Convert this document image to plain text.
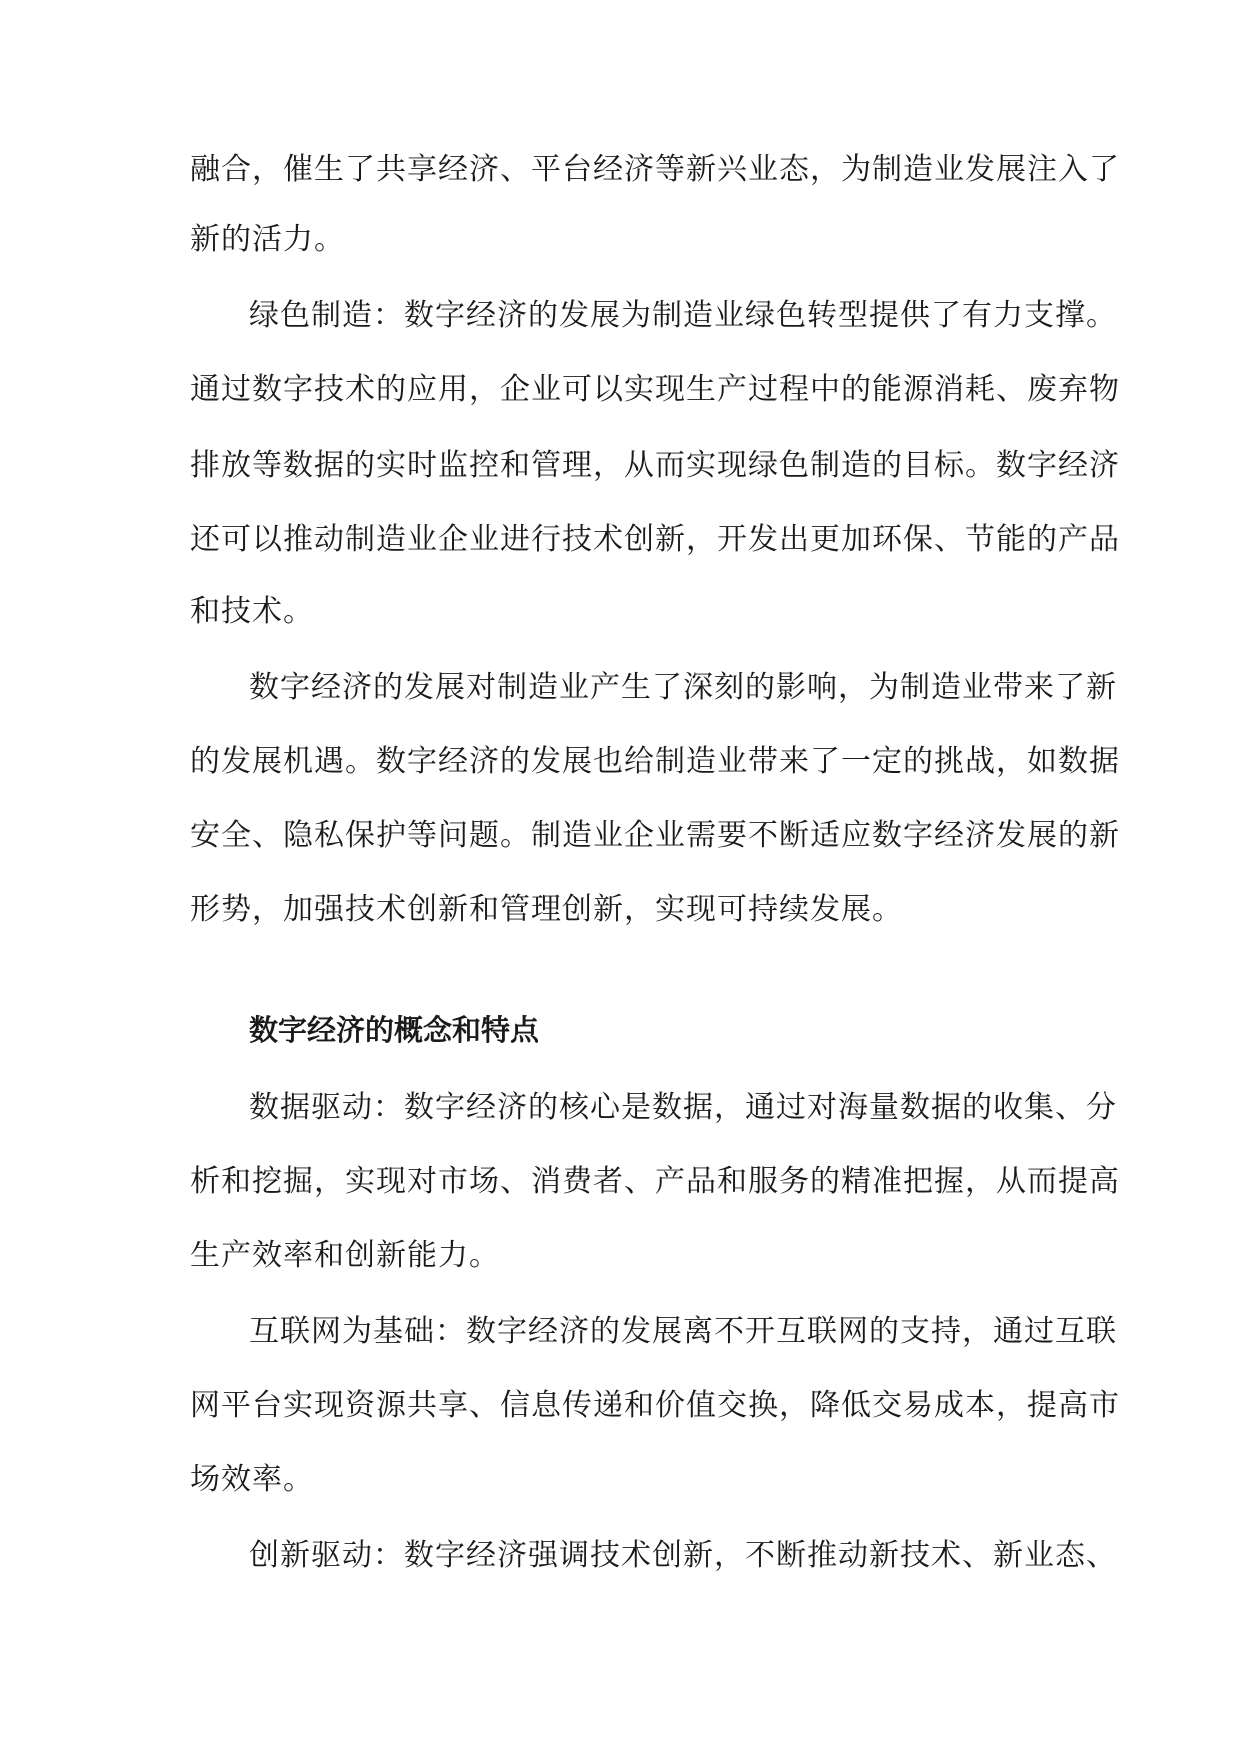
融合，催生了共享经济、平台经济等新兴业态，为制造业发展注入了
新的活力。
绿色制造：数字经济的发展为制造业绿色转型提供了有力支撑。
通过数字技术的应用，企业可以实现生产过程中的能源消耗、废弃物
排放等数据的实时监控和管理，从而实现绿色制造的目标。数字经济
还可以推动制造业企业进行技术创新，开发出更加环保、节能的产品
和技术。
数字经济的发展对制造业产生了深刻的影响，为制造业带来了新
的发展机遇。数字经济的发展也给制造业带来了一定的挑战，如数据
安全、隐私保护等问题。制造业企业需要不断适应数字经济发展的新
形势，加强技术创新和管理创新，实现可持续发展。
数字经济的概念和特点
数据驱动：数字经济的核心是数据，通过对海量数据的收集、分
析和挖掘，实现对市场、消费者、产品和服务的精准把握，从而提高
生产效率和创新能力。
互联网为基础：数字经济的发展离不开互联网的支持，通过互联
网平台实现资源共享、信息传递和价值交换，降低交易成本，提高市
场效率。
创新驱动：数字经济强调技术创新，不断推动新技术、新业态、
